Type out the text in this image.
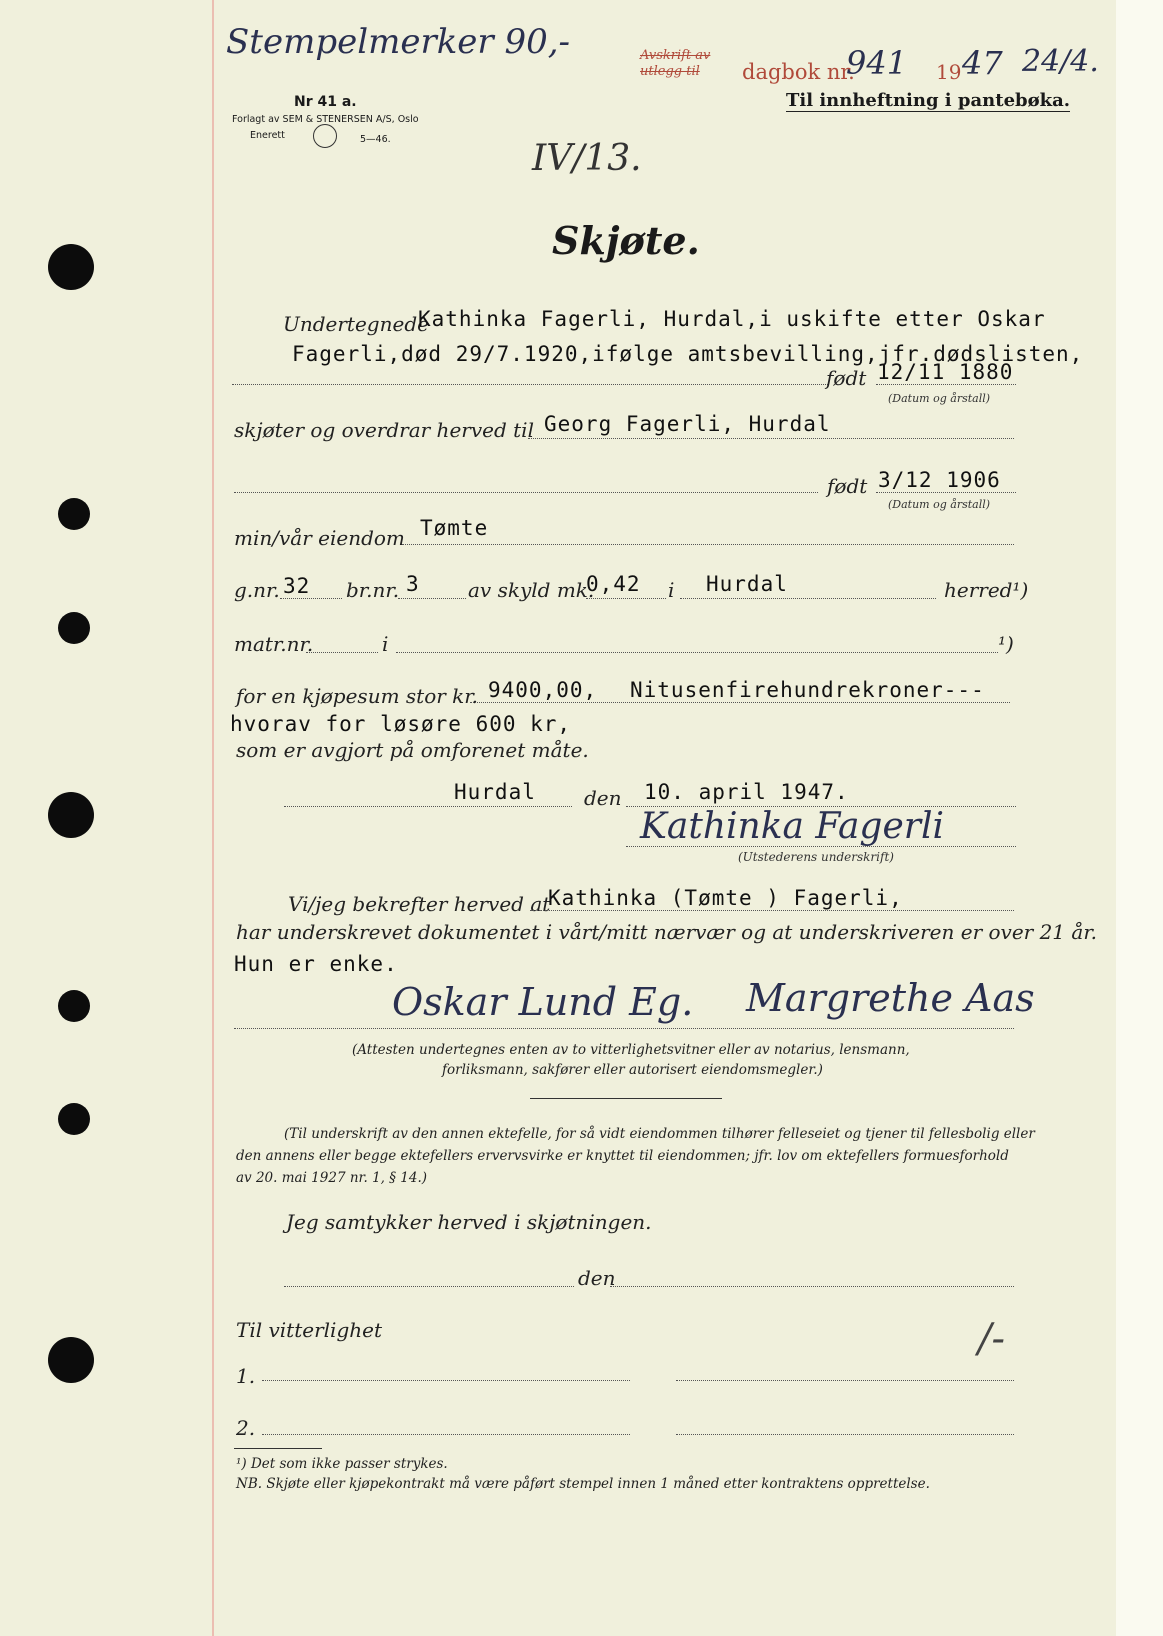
Stempelmerker 90,-	Avskrift av
utlegg til dagbok nr.
941 19 47 24/4.
Til innheftning i pantebøka.
Nr 41 a.
Forlagt av SEM & STENERSEN A/S, Oslo
Enerett	5—46.	IV/13.
Skjøte.
Undertegnede
Kathinka Fagerli, Hurdal,i uskifte etter Oskar
Fagerli,død 29/7.1920,ifølge amtsbevilling,jfr.dødslisten,
født 12/11 1880
(Datum og årstall)
skjøter og overdrar herved til Georg Fagerli, Hurdal
født 3/12 1906
(Datum og årstall)
min/vår eiendom Tømte
g.nr. 32 br.nr. 3 av skyld mk.
0,42 i Hurdal	herred¹)
matr.nr.	i	¹)
for en kjøpesum stor kr. 9400,00, Nitusenfirehundrekroner---
hvorav for løsøre 600 kr,
som er avgjort på omforenet måte.
Hurdal den 10. april 1947.
Kathinka Fagerli
(Utstederens underskrift)
Vi/jeg bekrefter herved at
Kathinka (Tømte ) Fagerli,
har underskrevet dokumentet i vårt/mitt nærvær og at underskriveren er over 21 år.
Hun er enke.
Oskar Lund Eg. Margrethe Aas
(Attesten undertegnes enten av to vitterlighetsvitner eller av notarius, lensmann,
forliksmann, sakfører eller autorisert eiendomsmegler.)
(Til underskrift av den annen ektefelle, for så vidt eiendommen tilhører felleseiet og tjener til fellesbolig eller
den annens eller begge ektefellers ervervsvirke er knyttet til eiendommen; jfr. lov om ektefellers formuesforhold
av 20. mai 1927 nr. 1, § 14.)
Jeg samtykker herved i skjøtningen.
den
Til vitterlighet	/-
1.
2.
¹) Det som ikke passer strykes.
NB. Skjøte eller kjøpekontrakt må være påført stempel innen 1 måned etter kontraktens opprettelse.
